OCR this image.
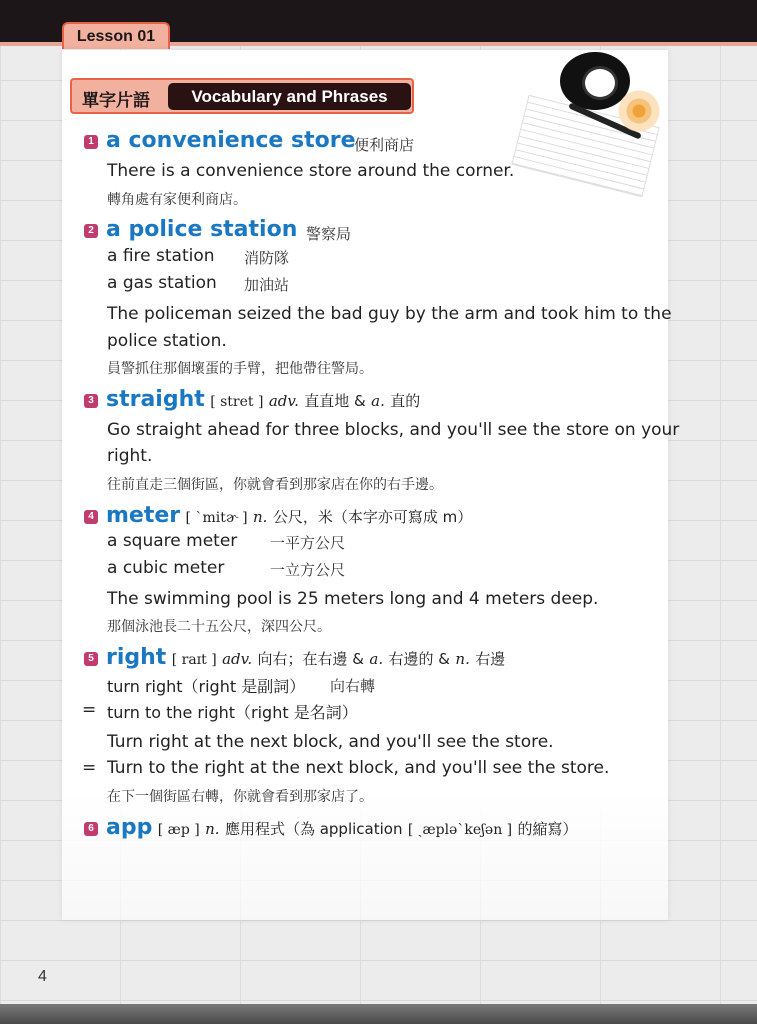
Lesson 01
單字片語	Vocabulary and Phrases
1 a convenience store
便利商店
There is a convenience store around the corner.
轉角處有家便利商店。
2 a police station 警察局
a fire station 消防隊
a gas station 加油站
The policeman seized the bad guy by the arm and took him to the
police station.
員警抓住那個壞蛋的手臂，把他帶往警局。
3 straight [ stret ] adv. 直直地 & a. 直的
Go straight ahead for three blocks, and you'll see the store on your
right.
往前直走三個街區，你就會看到那家店在你的右手邊。
4 meter [ ˋmitɚ ] n. 公尺，米（本字亦可寫成 m）
a square meter 一平方公尺
a cubic meter	一立方公尺
The swimming pool is 25 meters long and 4 meters deep.
那個泳池長二十五公尺，深四公尺。
5 right [ raɪt ] adv. 向右；在右邊 & a. 右邊的 & n. 右邊
turn right（right 是副詞） 向右轉
= turn to the right（right 是名詞）
Turn right at the next block, and you'll see the store.
= Turn to the right at the next block, and you'll see the store.
在下一個街區右轉，你就會看到那家店了。
6 app [ æp ] n. 應用程式（為 application [ ˏæpləˋkeʃən ] 的縮寫）
4
